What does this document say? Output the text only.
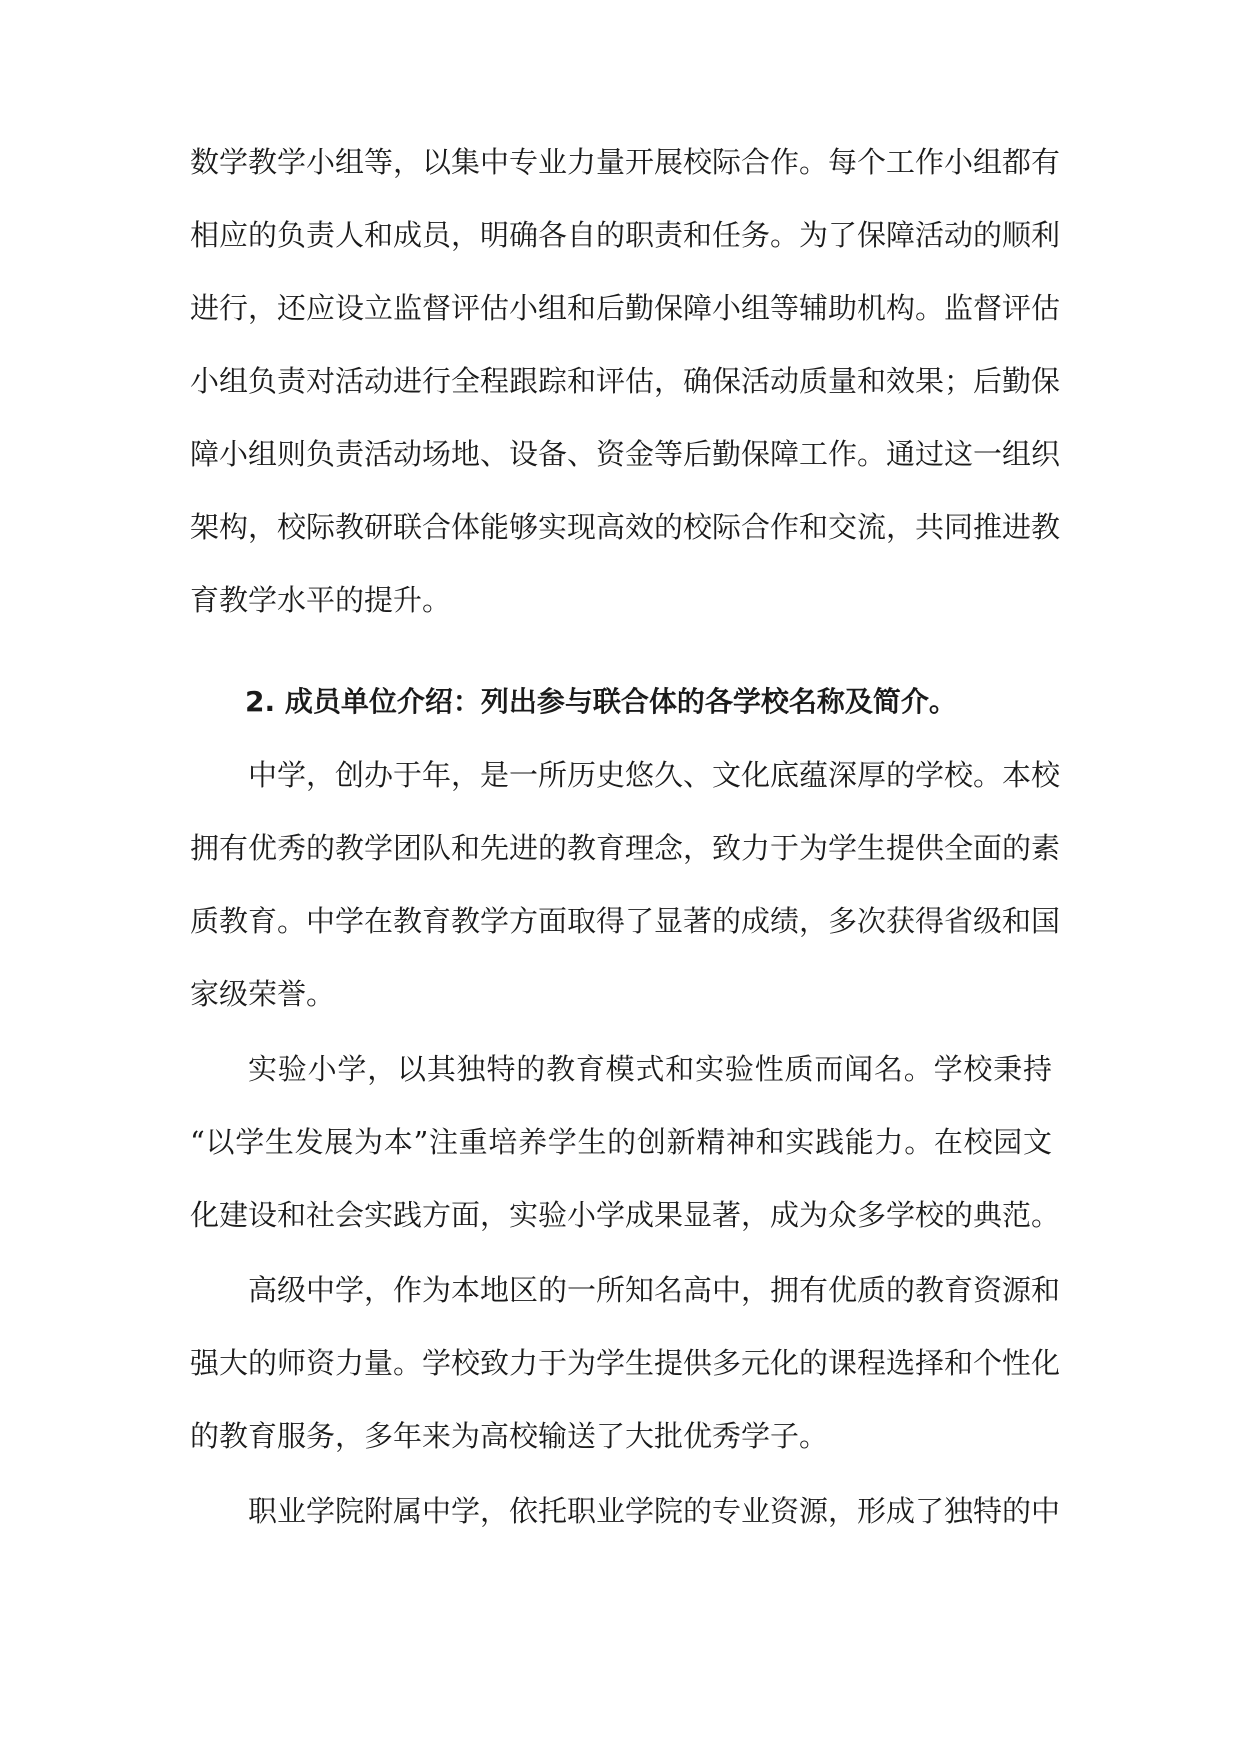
数学教学小组等，以集中专业力量开展校际合作。每个工作小组都有
相应的负责人和成员，明确各自的职责和任务。为了保障活动的顺利
进行，还应设立监督评估小组和后勤保障小组等辅助机构。监督评估
小组负责对活动进行全程跟踪和评估，确保活动质量和效果；后勤保
障小组则负责活动场地、设备、资金等后勤保障工作。通过这一组织
架构，校际教研联合体能够实现高效的校际合作和交流，共同推进教
育教学水平的提升。
2. 成员单位介绍：列出参与联合体的各学校名称及简介。
中学，创办于年，是一所历史悠久、文化底蕴深厚的学校。本校
拥有优秀的教学团队和先进的教育理念，致力于为学生提供全面的素
质教育。中学在教育教学方面取得了显著的成绩，多次获得省级和国
家级荣誉。
实验小学，以其独特的教育模式和实验性质而闻名。学校秉持
“以学生发展为本”注重培养学生的创新精神和实践能力。在校园文
化建设和社会实践方面，实验小学成果显著，成为众多学校的典范。
高级中学，作为本地区的一所知名高中，拥有优质的教育资源和
强大的师资力量。学校致力于为学生提供多元化的课程选择和个性化
的教育服务，多年来为高校输送了大批优秀学子。
职业学院附属中学，依托职业学院的专业资源，形成了独特的中
